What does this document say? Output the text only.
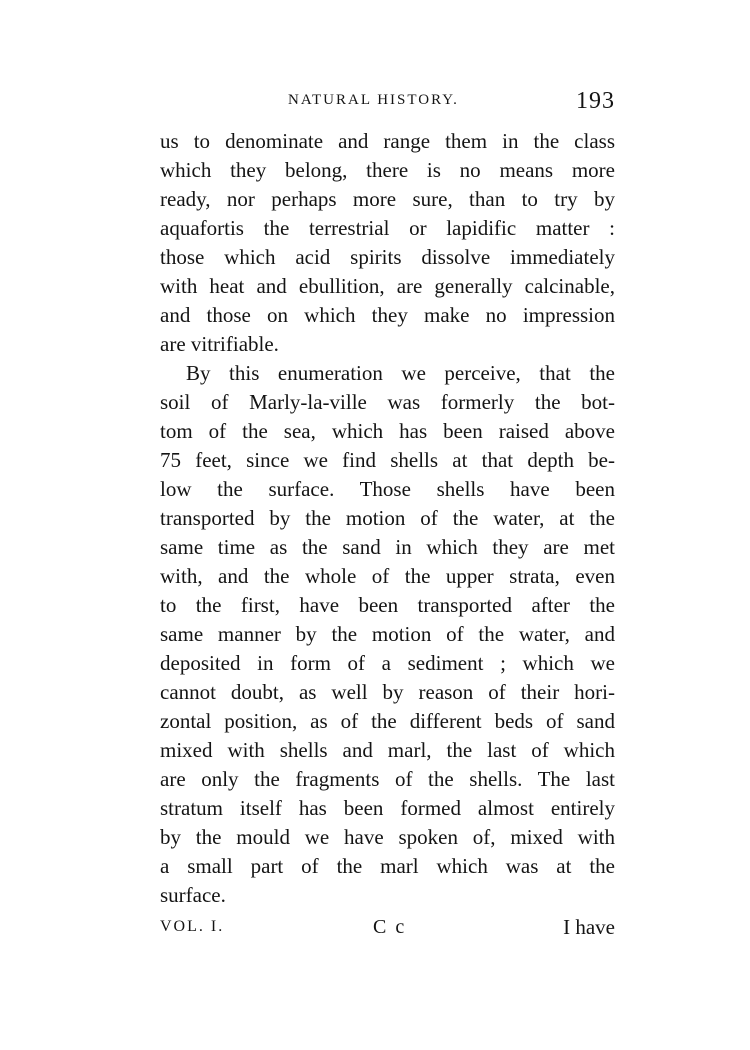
NATURAL HISTORY.	193
us to denominate and range them in the class
which they belong, there is no means more
ready, nor perhaps more sure, than to try by
aquafortis the terrestrial or lapidific matter :
those which acid spirits dissolve immediately
with heat and ebullition, are generally calcinable,
and those on which they make no impression
are vitrifiable.
By this enumeration we perceive, that the
soil of Marly-la-ville was formerly the bot-
tom of the sea, which has been raised above
75 feet, since we find shells at that depth be-
low the surface. Those shells have been
transported by the motion of the water, at the
same time as the sand in which they are met
with, and the whole of the upper strata, even
to the first, have been transported after the
same manner by the motion of the water, and
deposited in form of a sediment ; which we
cannot doubt, as well by reason of their hori-
zontal position, as of the different beds of sand
mixed with shells and marl, the last of which
are only the fragments of the shells. The last
stratum itself has been formed almost entirely
by the mould we have spoken of, mixed with
a small part of the marl which was at the
surface.
VOL. I.	C c	I have
